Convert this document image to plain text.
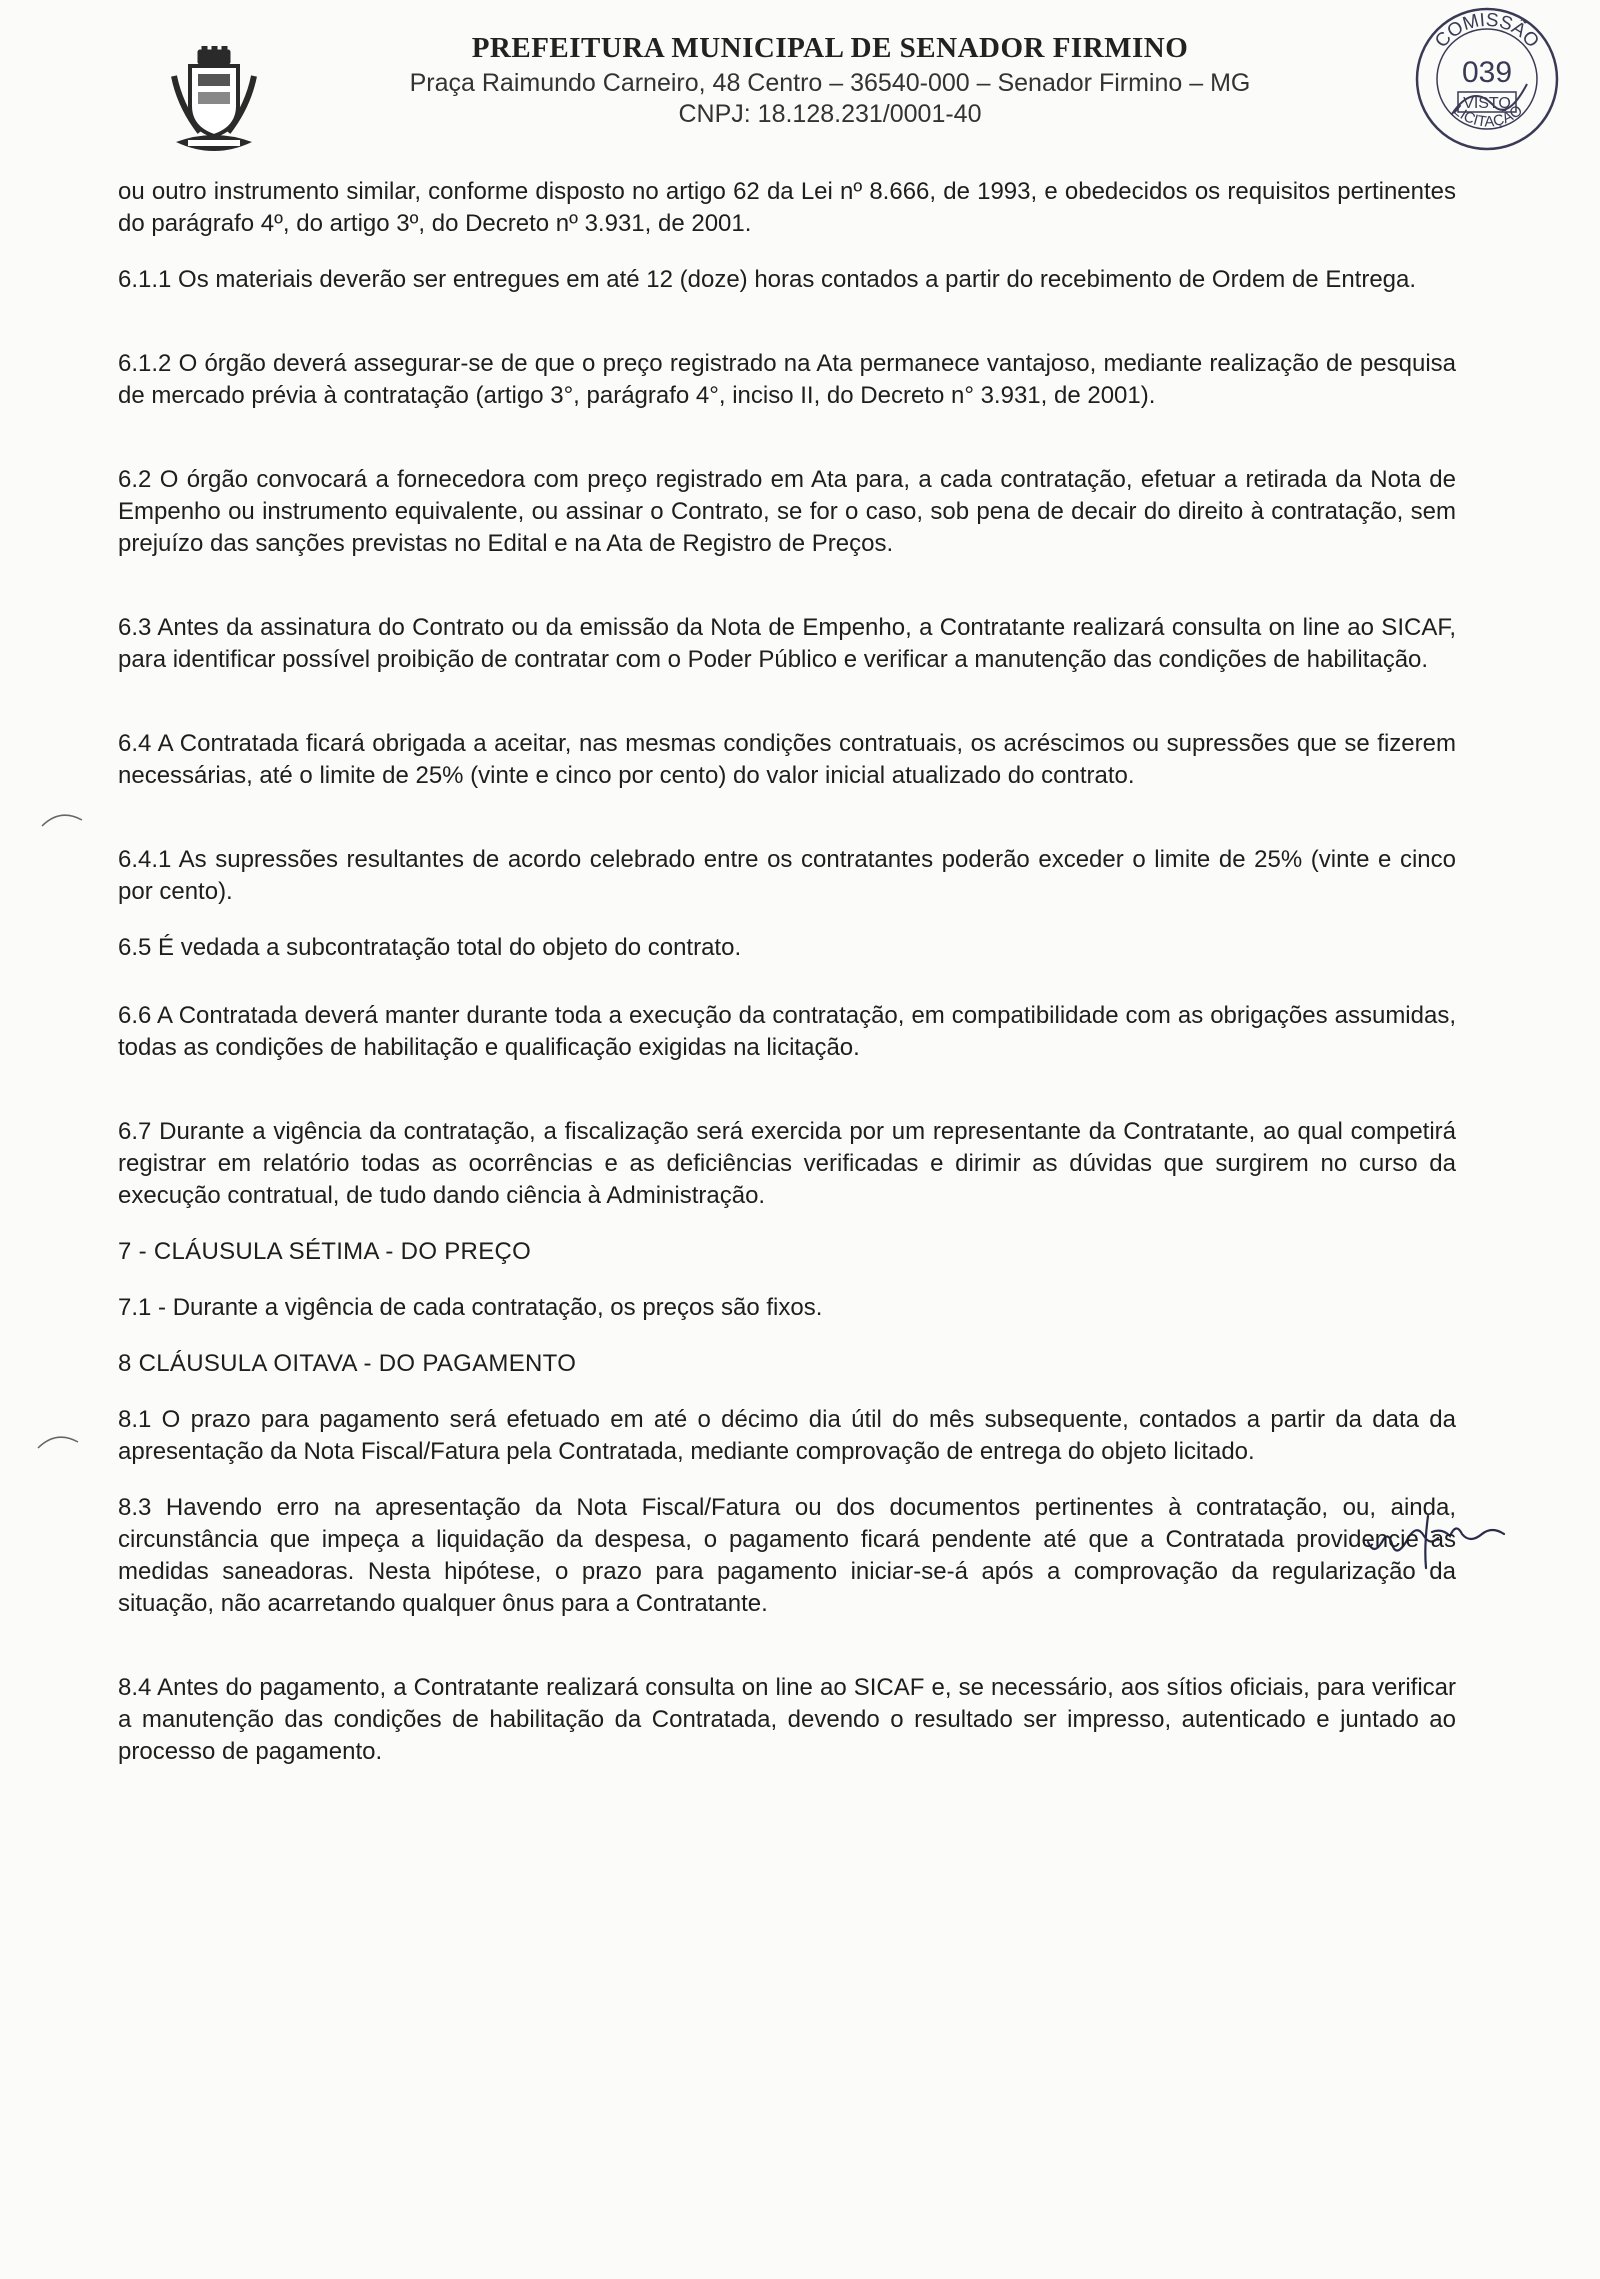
PREFEITURA MUNICIPAL DE SENADOR FIRMINO
Praça Raimundo Carneiro, 48 Centro – 36540-000 – Senador Firmino – MG
CNPJ: 18.128.231/0001-40
COMISSÃO
039
VISTO
LICITAÇÃO

ou outro instrumento similar, conforme disposto no artigo 62 da Lei nº 8.666, de 1993, e obedecidos os requisitos pertinentes do parágrafo 4º, do artigo 3º, do Decreto nº 3.931, de 2001.

6.1.1 Os materiais deverão ser entregues em até 12 (doze) horas contados a partir do recebimento de Ordem de Entrega.

6.1.2 O órgão deverá assegurar-se de que o preço registrado na Ata permanece vantajoso, mediante realização de pesquisa de mercado prévia à contratação (artigo 3°, parágrafo 4°, inciso II, do Decreto n° 3.931, de 2001).

6.2 O órgão convocará a fornecedora com preço registrado em Ata para, a cada contratação, efetuar a retirada da Nota de Empenho ou instrumento equivalente, ou assinar o Contrato, se for o caso, sob pena de decair do direito à contratação, sem prejuízo das sanções previstas no Edital e na Ata de Registro de Preços.

6.3 Antes da assinatura do Contrato ou da emissão da Nota de Empenho, a Contratante realizará consulta on line ao SICAF, para identificar possível proibição de contratar com o Poder Público e verificar a manutenção das condições de habilitação.

6.4 A Contratada ficará obrigada a aceitar, nas mesmas condições contratuais, os acréscimos ou supressões que se fizerem necessárias, até o limite de 25% (vinte e cinco por cento) do valor inicial atualizado do contrato.

6.4.1 As supressões resultantes de acordo celebrado entre os contratantes poderão exceder o limite de 25% (vinte e cinco por cento).

6.5 É vedada a subcontratação total do objeto do contrato.

6.6 A Contratada deverá manter durante toda a execução da contratação, em compatibilidade com as obrigações assumidas, todas as condições de habilitação e qualificação exigidas na licitação.

6.7 Durante a vigência da contratação, a fiscalização será exercida por um representante da Contratante, ao qual competirá registrar em relatório todas as ocorrências e as deficiências verificadas e dirimir as dúvidas que surgirem no curso da execução contratual, de tudo dando ciência à Administração.

7 - CLÁUSULA SÉTIMA - DO PREÇO

7.1 - Durante a vigência de cada contratação, os preços são fixos.

8 CLÁUSULA OITAVA - DO PAGAMENTO

8.1 O prazo para pagamento será efetuado em até o décimo dia útil do mês subsequente, contados a partir da data da apresentação da Nota Fiscal/Fatura pela Contratada, mediante comprovação de entrega do objeto licitado.

8.3 Havendo erro na apresentação da Nota Fiscal/Fatura ou dos documentos pertinentes à contratação, ou, ainda, circunstância que impeça a liquidação da despesa, o pagamento ficará pendente até que a Contratada providencie as medidas saneadoras. Nesta hipótese, o prazo para pagamento iniciar-se-á após a comprovação da regularização da situação, não acarretando qualquer ônus para a Contratante.

8.4 Antes do pagamento, a Contratante realizará consulta on line ao SICAF e, se necessário, aos sítios oficiais, para verificar a manutenção das condições de habilitação da Contratada, devendo o resultado ser impresso, autenticado e juntado ao processo de pagamento.
